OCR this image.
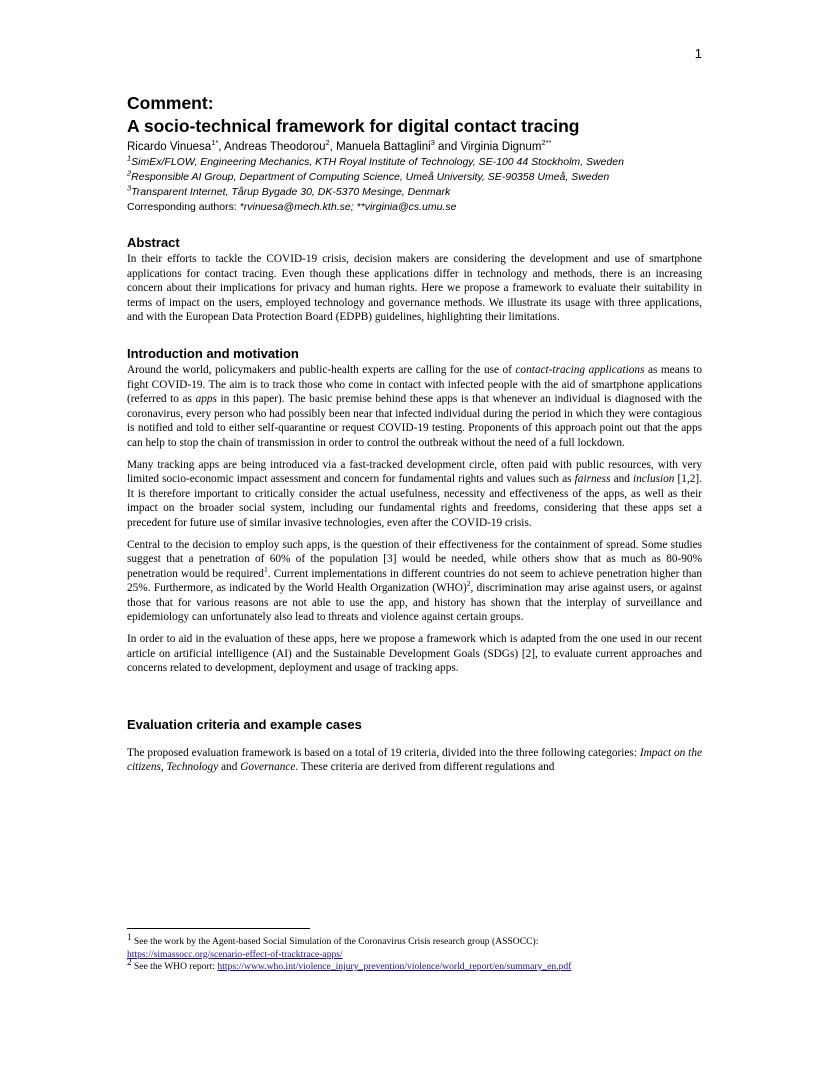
1
Comment:
A socio-technical framework for digital contact tracing
Ricardo Vinuesa$^{1*}$, Andreas Theodorou$^2$, Manuela Battaglini$^3$ and Virginia Dignum$^{2**}$
$^1$SimEx/FLOW, Engineering Mechanics, KTH Royal Institute of Technology, SE-100 44 Stockholm, Sweden
$^2$Responsible AI Group, Department of Computing Science, Umeå University, SE-90358 Umeå, Sweden
$^3$Transparent Internet, Tårup Bygade 30, DK-5370 Mesinge, Denmark
Corresponding authors: *rvinuesa@mech.kth.se; **virginia@cs.umu.se
Abstract

In their efforts to tackle the COVID-19 crisis, decision makers are considering the development and use of smartphone applications for contact tracing. Even though these applications differ in technology and methods, there is an increasing concern about their implications for privacy and human rights. Here we propose a framework to evaluate their suitability in terms of impact on the users, employed technology and governance methods. We illustrate its usage with three applications, and with the European Data Protection Board (EDPB) guidelines, highlighting their limitations.

Introduction and motivation

Around the world, policymakers and public-health experts are calling for the use of contact-tracing applications as means to fight COVID-19. The aim is to track those who come in contact with infected people with the aid of smartphone applications (referred to as apps in this paper). The basic premise behind these apps is that whenever an individual is diagnosed with the coronavirus, every person who had possibly been near that infected individual during the period in which they were contagious is notified and told to either self-quarantine or request COVID-19 testing. Proponents of this approach point out that the apps can help to stop the chain of transmission in order to control the outbreak without the need of a full lockdown.

Many tracking apps are being introduced via a fast-tracked development circle, often paid with public resources, with very limited socio-economic impact assessment and concern for fundamental rights and values such as fairness and inclusion [1,2]. It is therefore important to critically consider the actual usefulness, necessity and effectiveness of the apps, as well as their impact on the broader social system, including our fundamental rights and freedoms, considering that these apps set a precedent for future use of similar invasive technologies, even after the COVID-19 crisis.

Central to the decision to employ such apps, is the question of their effectiveness for the containment of spread. Some studies suggest that a penetration of 60% of the population [3] would be needed, while others show that as much as 80-90% penetration would be required$^1$. Current implementations in different countries do not seem to achieve penetration higher than 25%. Furthermore, as indicated by the World Health Organization (WHO)$^2$, discrimination may arise against users, or against those that for various reasons are not able to use the app, and history has shown that the interplay of surveillance and epidemiology can unfortunately also lead to threats and violence against certain groups.

In order to aid in the evaluation of these apps, here we propose a framework which is adapted from the one used in our recent article on artificial intelligence (AI) and the Sustainable Development Goals (SDGs) [2], to evaluate current approaches and concerns related to development, deployment and usage of tracking apps.

Evaluation criteria and example cases

The proposed evaluation framework is based on a total of 19 criteria, divided into the three following categories: Impact on the citizens, Technology and Governance. These criteria are derived from different regulations and

1 See the work by the Agent-based Social Simulation of the Coronavirus Crisis research group (ASSOCC):
https://simassocc.org/scenario-effect-of-tracktrace-apps/
2 See the WHO report: https://www.who.int/violence_injury_prevention/violence/world_report/en/summary_en.pdf
